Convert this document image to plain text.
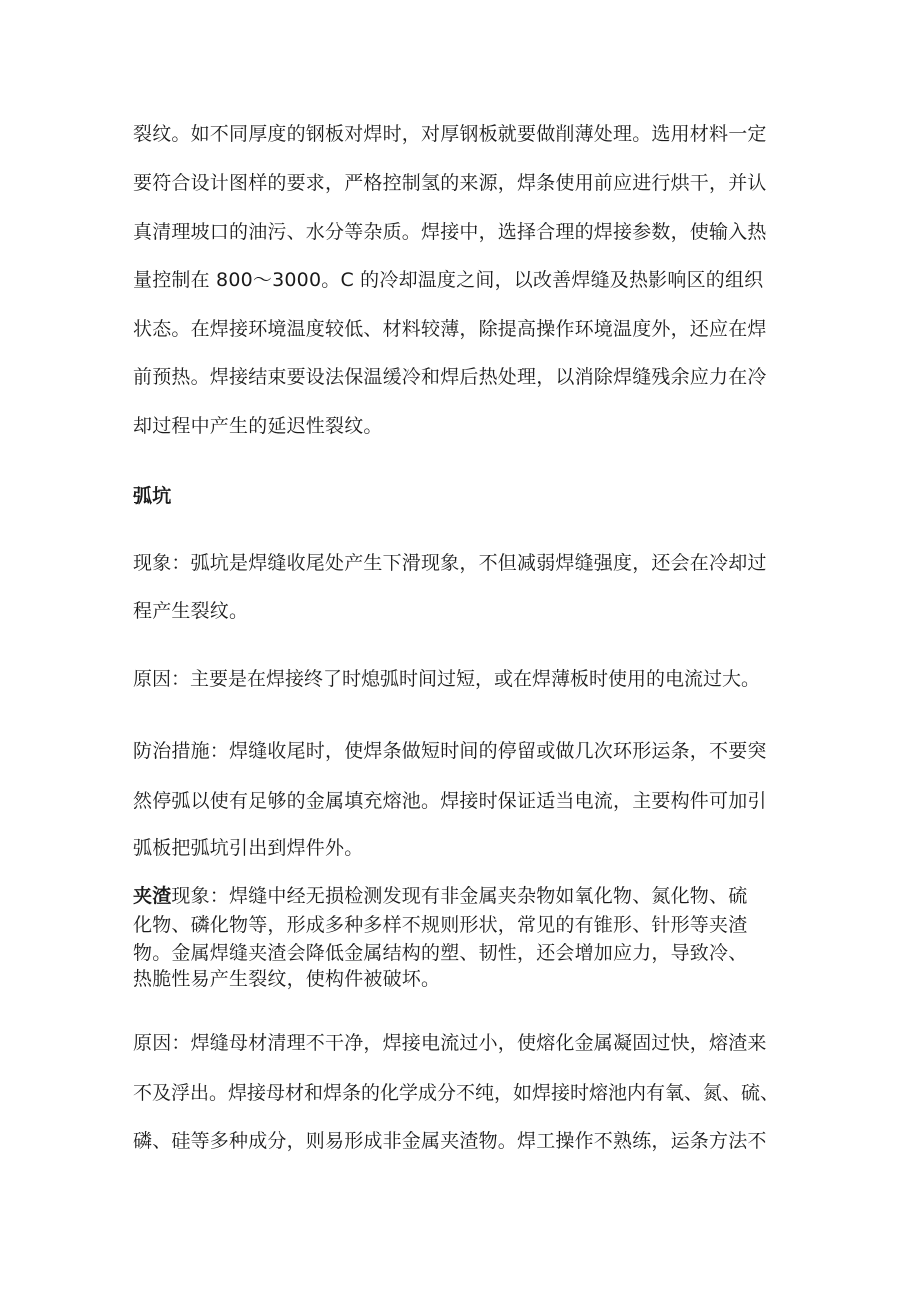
裂纹。如不同厚度的钢板对焊时，对厚钢板就要做削薄处理。选用材料一定
要符合设计图样的要求，严格控制氢的来源，焊条使用前应进行烘干，并认
真清理坡口的油污、水分等杂质。焊接中，选择合理的焊接参数，使输入热
量控制在 800～3000。C 的冷却温度之间，以改善焊缝及热影响区的组织
状态。在焊接环境温度较低、材料较薄，除提高操作环境温度外，还应在焊
前预热。焊接结束要设法保温缓冷和焊后热处理，以消除焊缝残余应力在冷
却过程中产生的延迟性裂纹。
弧坑
现象：弧坑是焊缝收尾处产生下滑现象，不但减弱焊缝强度，还会在冷却过
程产生裂纹。
原因：主要是在焊接终了时熄弧时间过短，或在焊薄板时使用的电流过大。
防治措施：焊缝收尾时，使焊条做短时间的停留或做几次环形运条，不要突
然停弧以使有足够的金属填充熔池。焊接时保证适当电流，主要构件可加引
弧板把弧坑引出到焊件外。
夹渣现象：焊缝中经无损检测发现有非金属夹杂物如氧化物、氮化物、硫
化物、磷化物等，形成多种多样不规则形状，常见的有锥形、针形等夹渣
物。金属焊缝夹渣会降低金属结构的塑、韧性，还会增加应力，导致冷、
热脆性易产生裂纹，使构件被破坏。
原因：焊缝母材清理不干净，焊接电流过小，使熔化金属凝固过快，熔渣来
不及浮出。焊接母材和焊条的化学成分不纯，如焊接时熔池内有氧、氮、硫、
磷、硅等多种成分，则易形成非金属夹渣物。焊工操作不熟练，运条方法不
